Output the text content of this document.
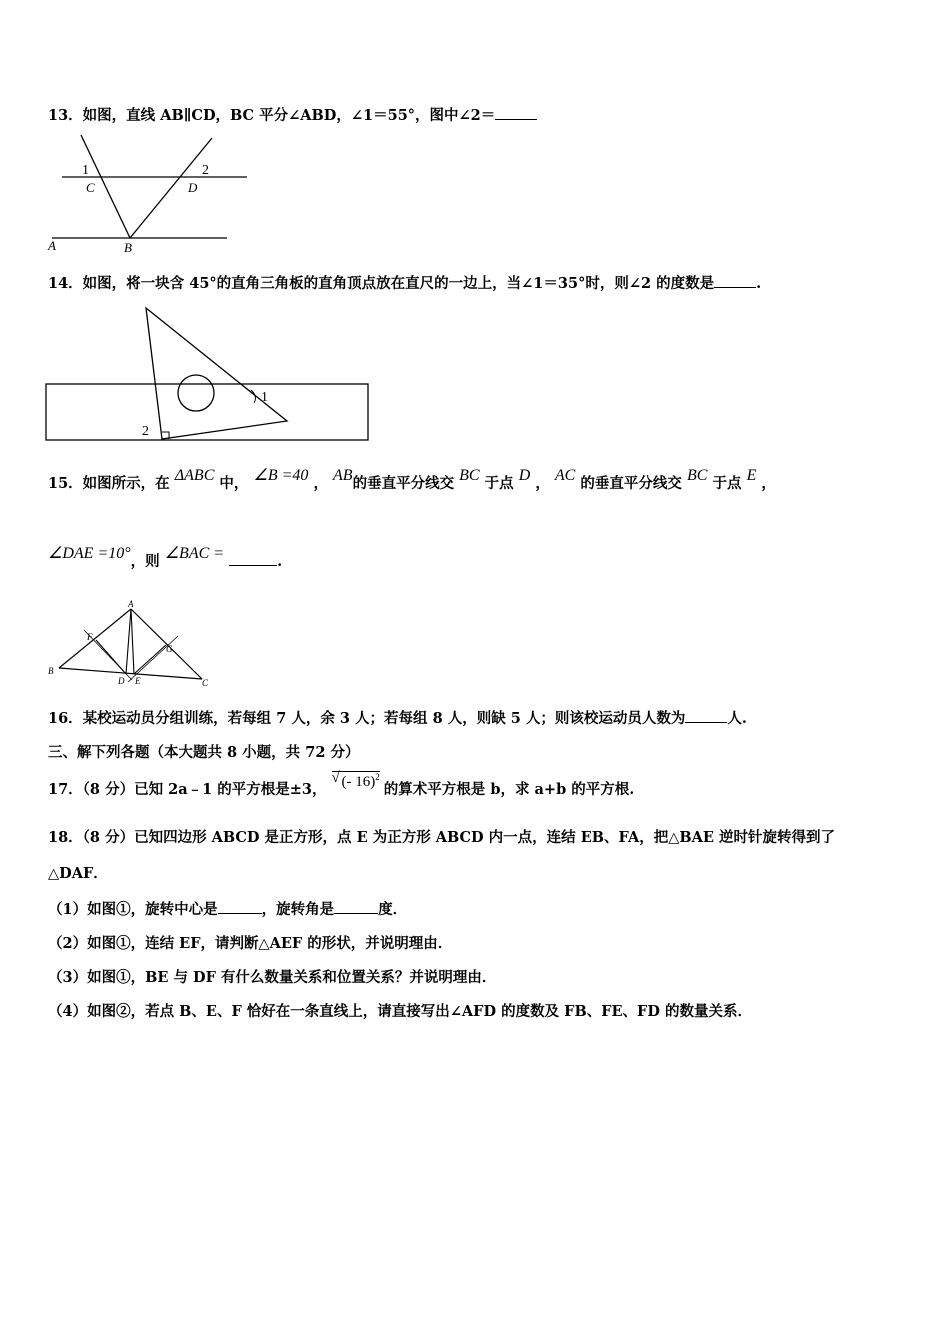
13．如图，直线 AB∥CD，BC 平分∠ABD，∠1＝55°，图中∠2＝
1
C
2
D
A	B
14．如图，将一块含 45°的直角三角板的直角顶点放在直尺的一边上，当∠1＝35°时，则∠2 的度数是	.
1
2
15．如图所示，在 ΔABC 中， ∠B =40 ， AB的垂直平分线交 BC 于点 D ， AC 的垂直平分线交 BC 于点 E ，
∠DAE =10°，则 ∠BAC =	.
A
B
C
D E
F
G
16．某校运动员分组训练，若每组 7 人，余 3 人；若每组 8 人，则缺 5 人；则该校运动员人数为	人.
三、解下列各题（本大题共 8 小题，共 72 分）
17．（8 分）已知 2a﹣1 的平方根是±3，
√ (- 16)$^2$的算术平方根是 b，求 a+b 的平方根.
18．（8 分）已知四边形 ABCD 是正方形，点 E 为正方形 ABCD 内一点，连结 EB、FA，把△BAE 逆时针旋转得到了
△DAF．
（1）如图①，旋转中心是	，旋转角是	度．
（2）如图①，连结 EF，请判断△AEF 的形状，并说明理由．
（3）如图①，BE 与 DF 有什么数量关系和位置关系？并说明理由．
（4）如图②，若点 B、E、F 恰好在一条直线上，请直接写出∠AFD 的度数及 FB、FE、FD 的数量关系．
